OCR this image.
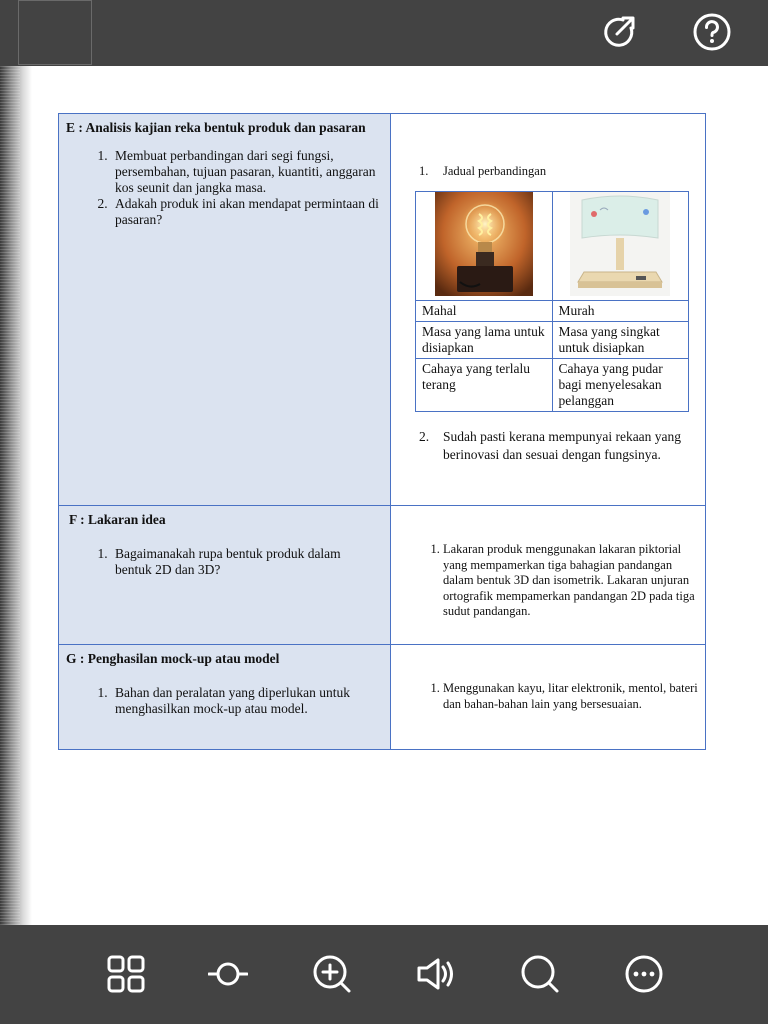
E : Analisis kajian reka bentuk produk dan pasaran
1. Membuat perbandingan dari segi fungsi, persembahan, tujuan pasaran, kuantiti, anggaran kos seunit dan jangka masa.
2. Adakah produk ini akan mendapat permintaan di pasaran?

1. Jadual perbandingan

Mahal	Murah
Masa yang lama untuk disiapkan	Masa yang singkat untuk disiapkan
Cahaya yang terlalu terang	Cahaya yang pudar bagi menyelesakan pelanggan
2.	Sudah pasti kerana mempunyai rekaan yang berinovasi dan sesuai dengan fungsinya.

F : Lakaran idea
1. Bagaimanakah rupa bentuk produk dalam bentuk 2D dan 3D?

1. Lakaran produk menggunakan lakaran piktorial yang mempamerkan tiga bahagian pandangan dalam bentuk 3D dan isometrik. Lakaran unjuran ortografik mempamerkan pandangan 2D pada tiga sudut pandangan.

G : Penghasilan mock-up atau model
1. Bahan dan peralatan yang diperlukan untuk menghasilkan mock-up atau model.

1. Menggunakan kayu, litar elektronik, mentol, bateri dan bahan-bahan lain yang bersesuaian.
